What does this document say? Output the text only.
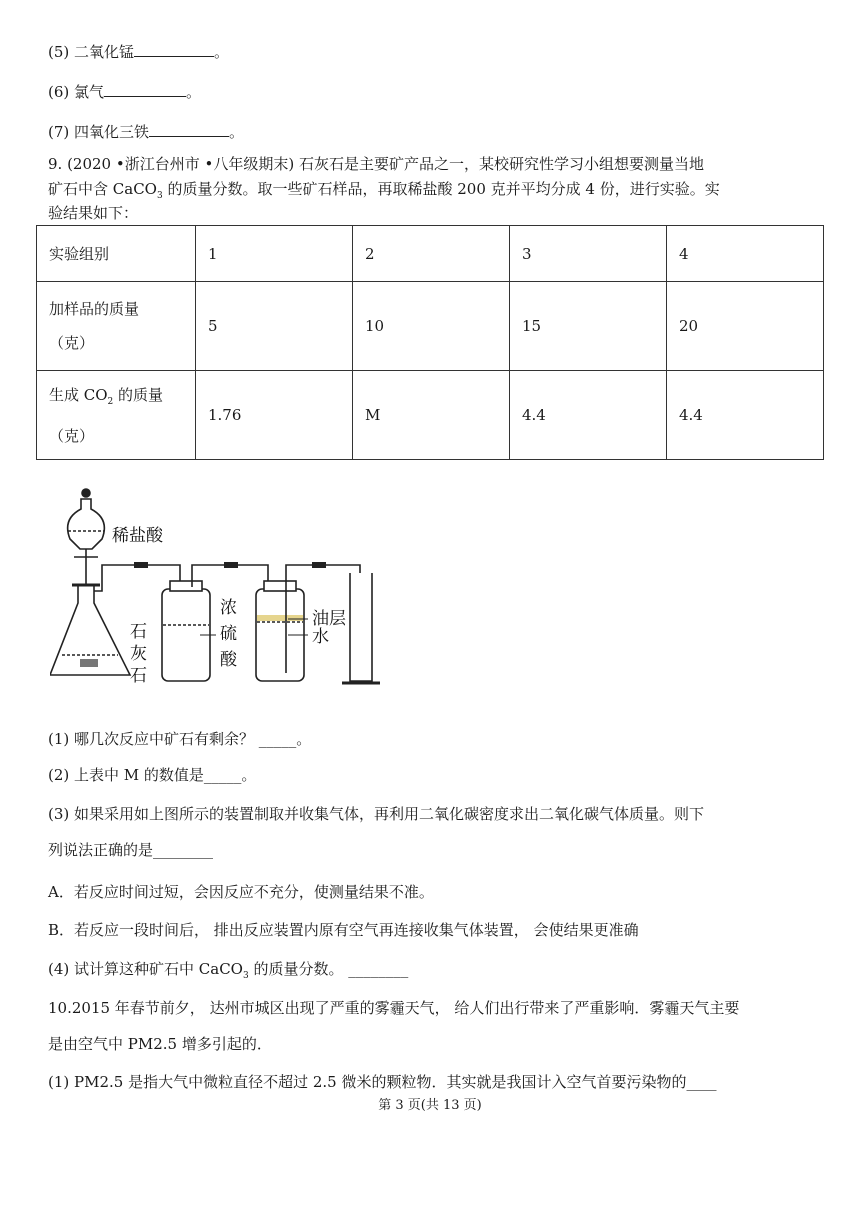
(5) 二氧化锰	。
(6) 氯气	。
(7) 四氧化三铁	。
9. (2020 •浙江台州市 •八年级期末) 石灰石是主要矿产品之一，某校研究性学习小组想要测量当地
矿石中含 CaCO$_3$ 的质量分数。取一些矿石样品，再取稀盐酸 200 克并平均分成 4 份，进行实验。实
验结果如下：
实验组别	1	2	3	4

加样品的质量
（克）	5	10	15	20

生成 $CO_2$ 的质量
（克）	1.76	M	4.4	4.4
稀盐酸
石
灰
石
浓
硫
酸
油层
水
(1) 哪几次反应中矿石有剩余？ _____。
(2) 上表中 M 的数值是_____。
(3) 如果采用如上图所示的装置制取并收集气体，再利用二氧化碳密度求出二氧化碳气体质量。则下
列说法正确的是________
A．若反应时间过短，会因反应不充分，使测量结果不准。
B．若反应一段时间后， 排出反应装置内原有空气再连接收集气体装置， 会使结果更准确
(4) 试计算这种矿石中 CaCO$_3$ 的质量分数。 ________
10.2015 年春节前夕， 达州市城区出现了严重的雾霾天气， 给人们出行带来了严重影响．雾霾天气主要
是由空气中 PM2.5 增多引起的．
(1) PM2.5 是指大气中微粒直径不超过 2.5 微米的颗粒物．其实就是我国计入空气首要污染物的____
第 3 页(共 13 页)
